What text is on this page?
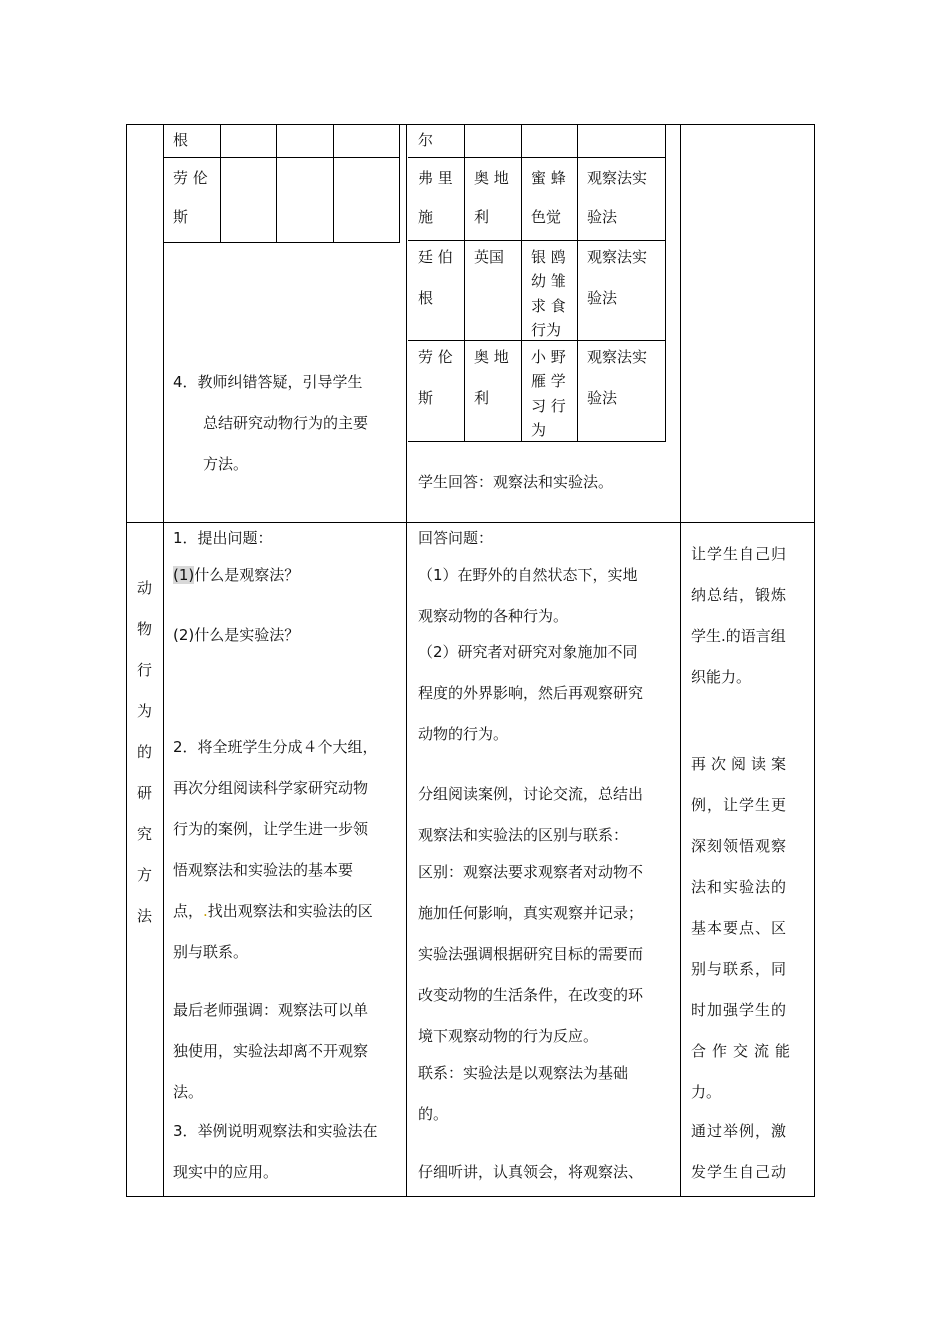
根
劳 伦
斯
4．教师纠错答疑，引导学生
总结研究动物行为的主要
方法。
尔
弗 里
施
奥 地
利
蜜 蜂
色觉
观察法实
验法
廷 伯
根
英国 银 鸥
幼 雏
求 食
行为
观察法实
验法
劳 伦
斯
奥 地
利
小 野
雁 学
习 行
为
观察法实
验法
学生回答：观察法和实验法。
动
物
行
为
的
研
究
方
法
1．提出问题：
(1)什么是观察法？
(2)什么是实验法？
2．将全班学生分成４个大组，
再次分组阅读科学家研究动物
行为的案例，让学生进一步领
悟观察法和实验法的基本要
点，.找出观察法和实验法的区
别与联系。
最后老师强调：观察法可以单
独使用，实验法却离不开观察
法。
3．举例说明观察法和实验法在
现实中的应用。
回答问题：
（1）在野外的自然状态下，实地
观察动物的各种行为。
（2）研究者对研究对象施加不同
程度的外界影响，然后再观察研究
动物的行为。
分组阅读案例，讨论交流，总结出
观察法和实验法的区别与联系：
区别：观察法要求观察者对动物不
施加任何影响，真实观察并记录；
实验法强调根据研究目标的需要而
改变动物的生活条件，在改变的环
境下观察动物的行为反应。
联系：实验法是以观察法为基础
的。
仔细听讲，认真领会，将观察法、
让学生自己归
纳总结，锻炼
学生.的语言组
织能力。
再次阅读案
例，让学生更
深刻领悟观察
法和实验法的
基本要点、区
别与联系，同
时加强学生的
合作交流能
力。
通过举例，激
发学生自己动
